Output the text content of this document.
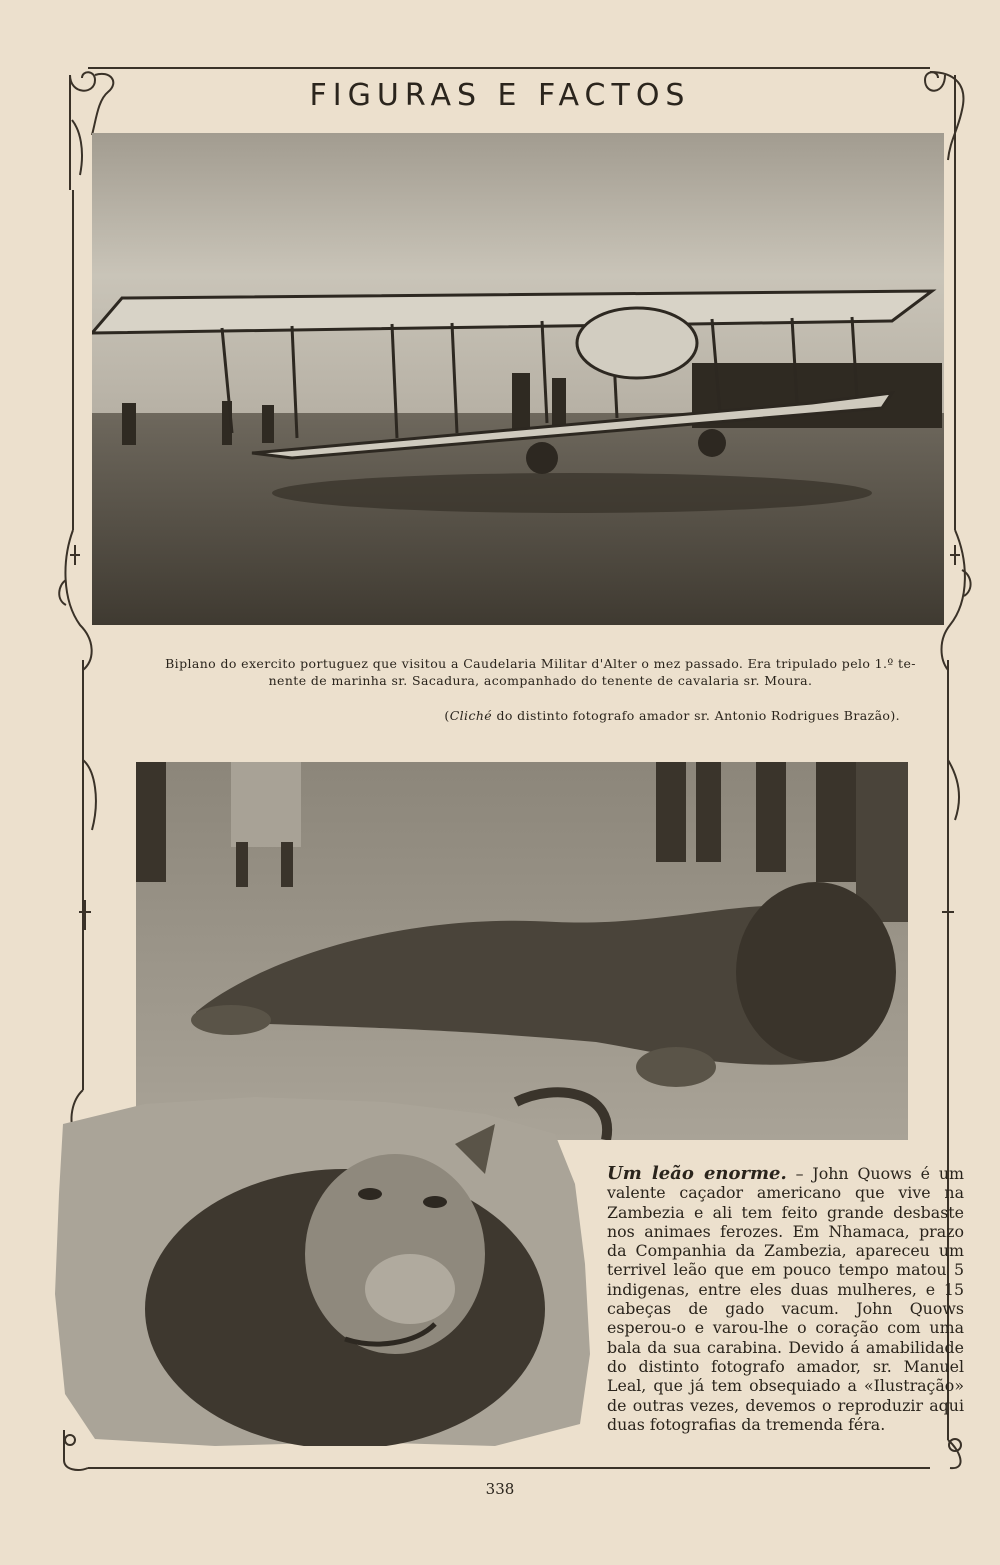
FIGURAS E FACTOS
Biplano do exercito portuguez que visitou a Caudelaria Militar d'Alter o mez passado. Era tripulado pelo 1.º te-
nente de marinha sr. Sacadura, acompanhado do tenente de cavalaria sr. Moura.
(Cliché do distinto fotografo amador sr. Antonio Rodrigues Brazão).
Um leão enorme. – John Quows é um valente caçador americano que vive na Zambezia e ali tem feito grande desbaste nos animaes ferozes. Em Nhamaca, prazo da Companhia da Zambezia, apareceu um terrivel leão que em pouco tempo matou 5 indigenas, entre eles duas mulheres, e 15 cabeças de gado vacum. John Quows esperou-o e varou-lhe o coração com uma bala da sua carabina. Devido á amabilidade do distinto fotografo amador, sr. Manuel Leal, que já tem obsequiado a «Ilustração» de outras vezes, devemos o reproduzir aqui duas fotografias da tremenda féra.
338
